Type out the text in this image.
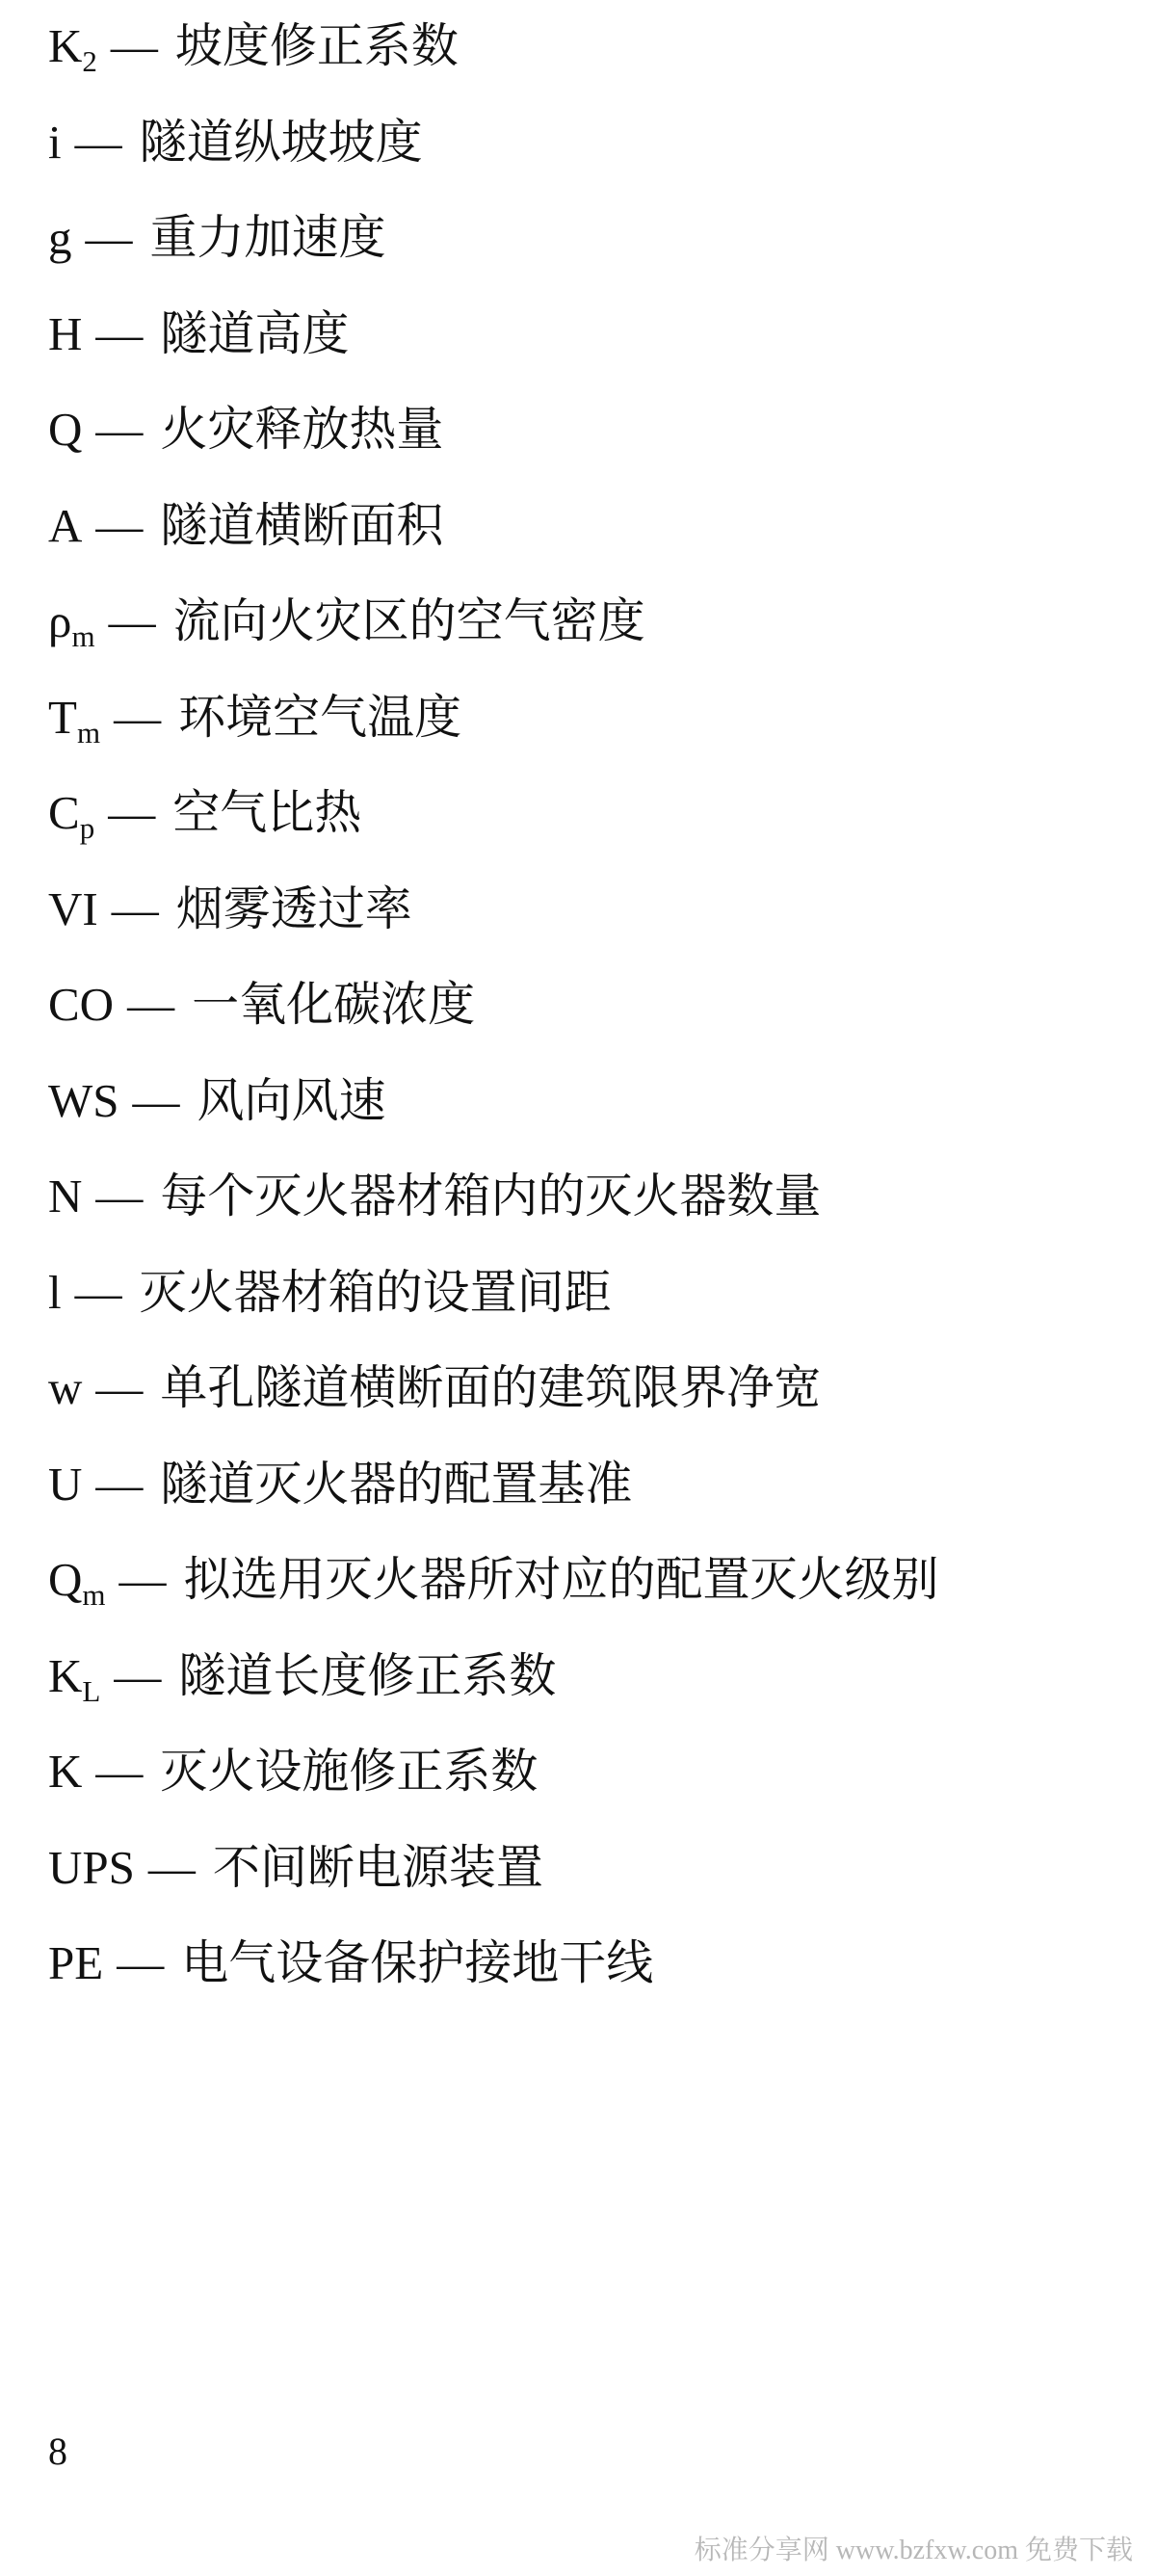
$K_2$ — 坡度修正系数
i — 隧道纵坡坡度
g — 重力加速度
H — 隧道高度
Q — 火灾释放热量
A — 隧道横断面积
$\rho_m$ — 流向火灾区的空气密度
$T_m$ — 环境空气温度
$C_p$ — 空气比热
VI — 烟雾透过率
CO — 一氧化碳浓度
WS — 风向风速
N — 每个灭火器材箱内的灭火器数量
l — 灭火器材箱的设置间距
w — 单孔隧道横断面的建筑限界净宽
U — 隧道灭火器的配置基准
$Q_m$ — 拟选用灭火器所对应的配置灭火级别
$K_L$ — 隧道长度修正系数
K — 灭火设施修正系数
UPS — 不间断电源装置
PE — 电气设备保护接地干线
8
标准分享网 www.bzfxw.com 免费下载
